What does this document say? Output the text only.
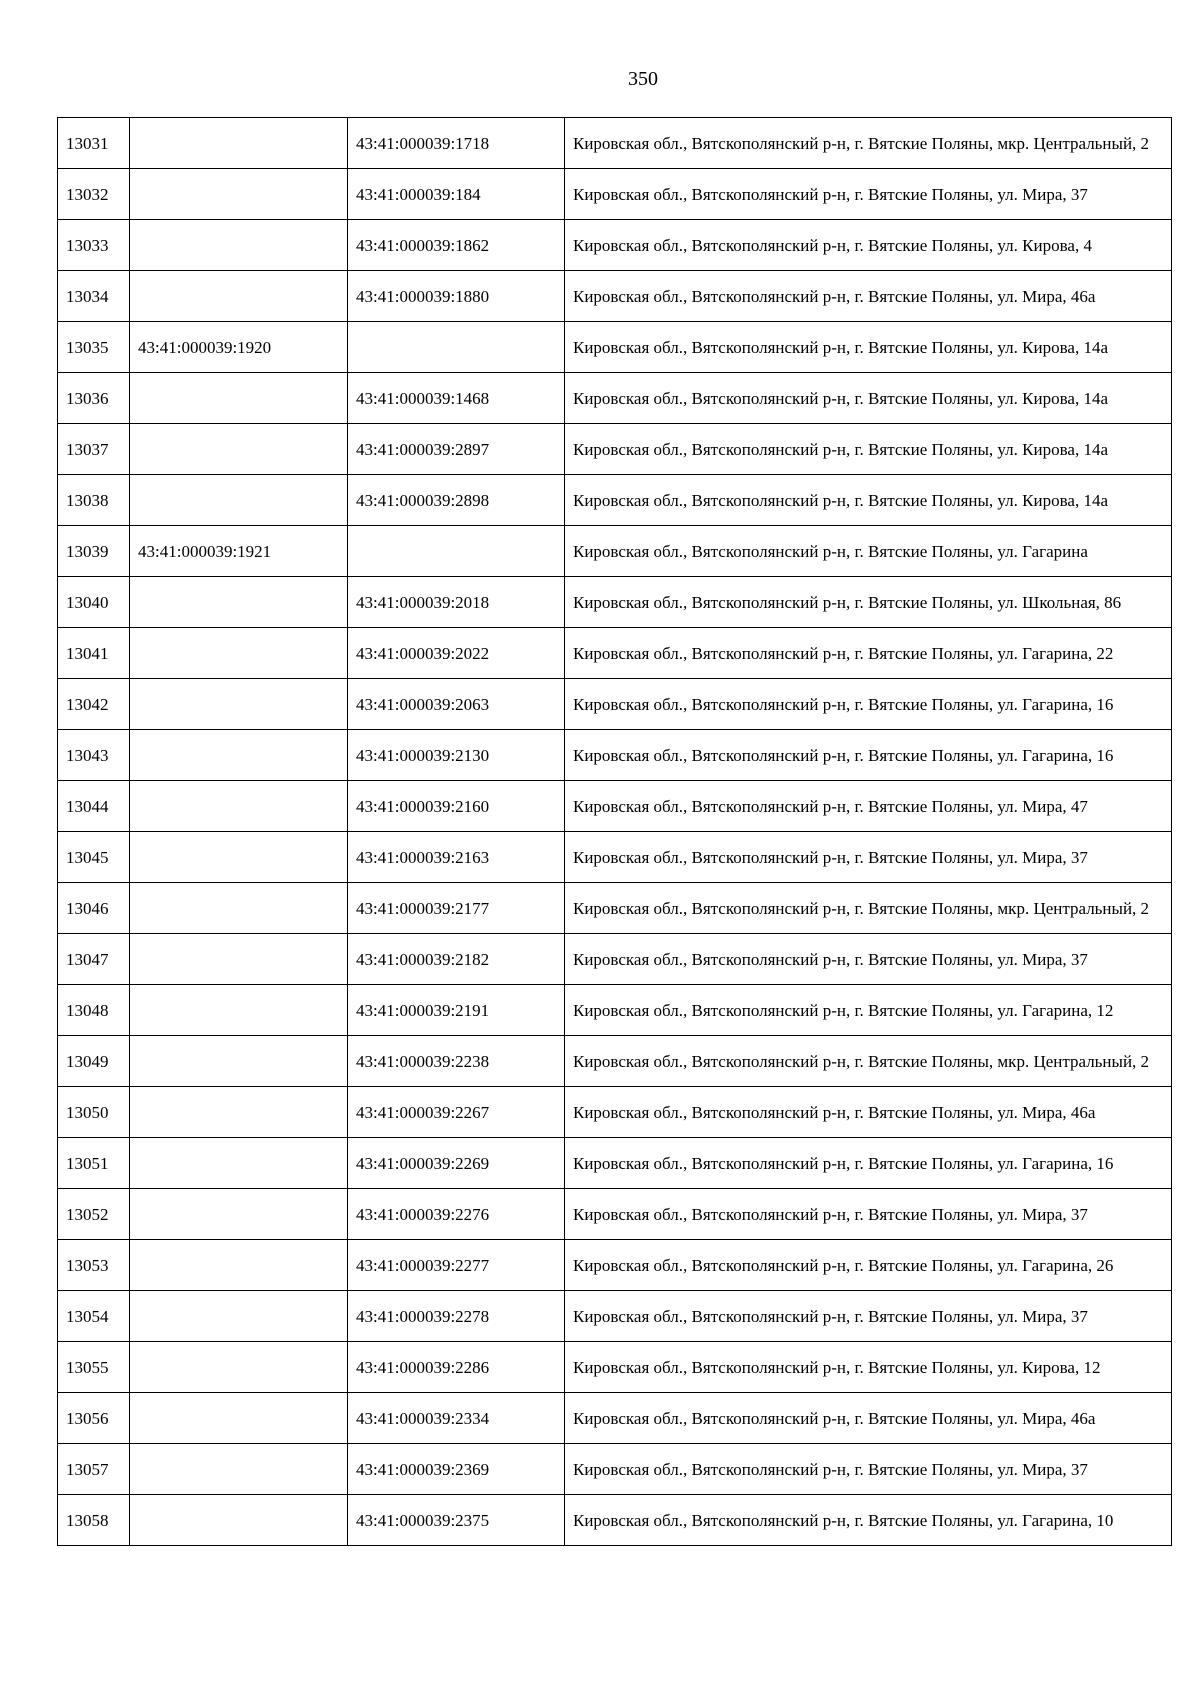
350
13031		43:41:000039:1718	Кировская обл., Вятскополянский р-н, г. Вятские Поляны, мкр. Центральный, 2
13032		43:41:000039:184	Кировская обл., Вятскополянский р-н, г. Вятские Поляны, ул. Мира, 37
13033		43:41:000039:1862	Кировская обл., Вятскополянский р-н, г. Вятские Поляны, ул. Кирова, 4
13034		43:41:000039:1880	Кировская обл., Вятскополянский р-н, г. Вятские Поляны, ул. Мира, 46а
13035	43:41:000039:1920		Кировская обл., Вятскополянский р-н, г. Вятские Поляны, ул. Кирова, 14а
13036		43:41:000039:1468	Кировская обл., Вятскополянский р-н, г. Вятские Поляны, ул. Кирова, 14а
13037		43:41:000039:2897	Кировская обл., Вятскополянский р-н, г. Вятские Поляны, ул. Кирова, 14а
13038		43:41:000039:2898	Кировская обл., Вятскополянский р-н, г. Вятские Поляны, ул. Кирова, 14а
13039	43:41:000039:1921		Кировская обл., Вятскополянский р-н, г. Вятские Поляны, ул. Гагарина
13040		43:41:000039:2018	Кировская обл., Вятскополянский р-н, г. Вятские Поляны, ул. Школьная, 86
13041		43:41:000039:2022	Кировская обл., Вятскополянский р-н, г. Вятские Поляны, ул. Гагарина, 22
13042		43:41:000039:2063	Кировская обл., Вятскополянский р-н, г. Вятские Поляны, ул. Гагарина, 16
13043		43:41:000039:2130	Кировская обл., Вятскополянский р-н, г. Вятские Поляны, ул. Гагарина, 16
13044		43:41:000039:2160	Кировская обл., Вятскополянский р-н, г. Вятские Поляны, ул. Мира, 47
13045		43:41:000039:2163	Кировская обл., Вятскополянский р-н, г. Вятские Поляны, ул. Мира, 37
13046		43:41:000039:2177	Кировская обл., Вятскополянский р-н, г. Вятские Поляны, мкр. Центральный, 2
13047		43:41:000039:2182	Кировская обл., Вятскополянский р-н, г. Вятские Поляны, ул. Мира, 37
13048		43:41:000039:2191	Кировская обл., Вятскополянский р-н, г. Вятские Поляны, ул. Гагарина, 12
13049		43:41:000039:2238	Кировская обл., Вятскополянский р-н, г. Вятские Поляны, мкр. Центральный, 2
13050		43:41:000039:2267	Кировская обл., Вятскополянский р-н, г. Вятские Поляны, ул. Мира, 46а
13051		43:41:000039:2269	Кировская обл., Вятскополянский р-н, г. Вятские Поляны, ул. Гагарина, 16
13052		43:41:000039:2276	Кировская обл., Вятскополянский р-н, г. Вятские Поляны, ул. Мира, 37
13053		43:41:000039:2277	Кировская обл., Вятскополянский р-н, г. Вятские Поляны, ул. Гагарина, 26
13054		43:41:000039:2278	Кировская обл., Вятскополянский р-н, г. Вятские Поляны, ул. Мира, 37
13055		43:41:000039:2286	Кировская обл., Вятскополянский р-н, г. Вятские Поляны, ул. Кирова, 12
13056		43:41:000039:2334	Кировская обл., Вятскополянский р-н, г. Вятские Поляны, ул. Мира, 46а
13057		43:41:000039:2369	Кировская обл., Вятскополянский р-н, г. Вятские Поляны, ул. Мира, 37
13058		43:41:000039:2375	Кировская обл., Вятскополянский р-н, г. Вятские Поляны, ул. Гагарина, 10
